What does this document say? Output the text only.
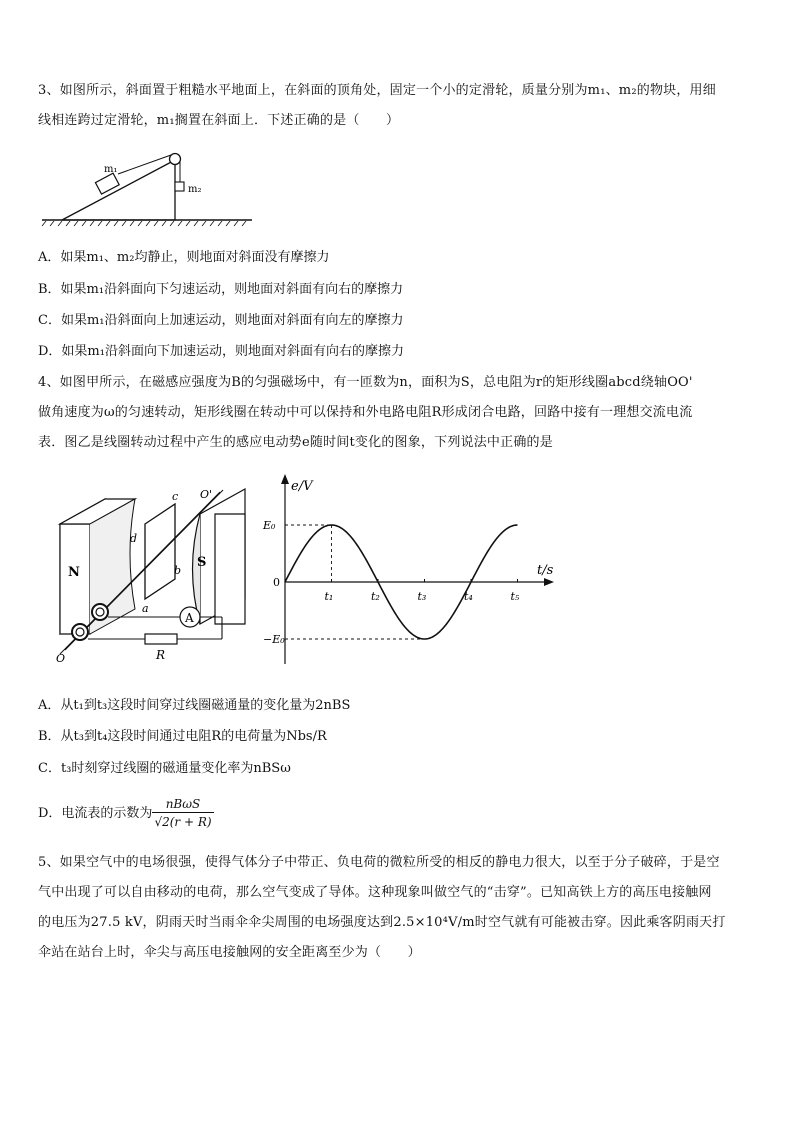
3、如图所示，斜面置于粗糙水平地面上，在斜面的顶角处，固定一个小的定滑轮，质量分别为m₁、m₂的物块，用细
线相连跨过定滑轮，m₁搁置在斜面上．下述正确的是（　　）
m₁
m₂
A．如果m₁、m₂均静止，则地面对斜面没有摩擦力
B．如果m₁沿斜面向下匀速运动，则地面对斜面有向右的摩擦力
C．如果m₁沿斜面向上加速运动，则地面对斜面有向左的摩擦力
D．如果m₁沿斜面向下加速运动，则地面对斜面有向右的摩擦力
4、如图甲所示，在磁感应强度为B的匀强磁场中，有一匝数为n，面积为S，总电阻为r的矩形线圈abcd绕轴OO'
做角速度为ω的匀速转动，矩形线圈在转动中可以保持和外电路电阻R形成闭合电路，回路中接有一理想交流电流
表．图乙是线圈转动过程中产生的感应电动势e随时间t变化的图象，下列说法中正确的是
N
S
c
d
b
a
O'
O
A
R
e/V
t/s
t₁	t₂	t₃	t₄	t₅
E₀
0
−E₀
A．从t₁到t₃这段时间穿过线圈磁通量的变化量为2nBS
B．从t₃到t₄这段时间通过电阻R的电荷量为Nbs/R
C．t₃时刻穿过线圈的磁通量变化率为nBSω
D．电流表的示数为 $\frac{\text{nBωS}}{√2(r + R)}$
5、如果空气中的电场很强，使得气体分子中带正、负电荷的微粒所受的相反的静电力很大，以至于分子破碎，于是空
气中出现了可以自由移动的电荷，那么空气变成了导体。这种现象叫做空气的“击穿”。已知高铁上方的高压电接触网
的电压为27.5 kV，阴雨天时当雨伞伞尖周围的电场强度达到2.5×10⁴V/m时空气就有可能被击穿。因此乘客阴雨天打
伞站在站台上时，伞尖与高压电接触网的安全距离至少为（　　）
